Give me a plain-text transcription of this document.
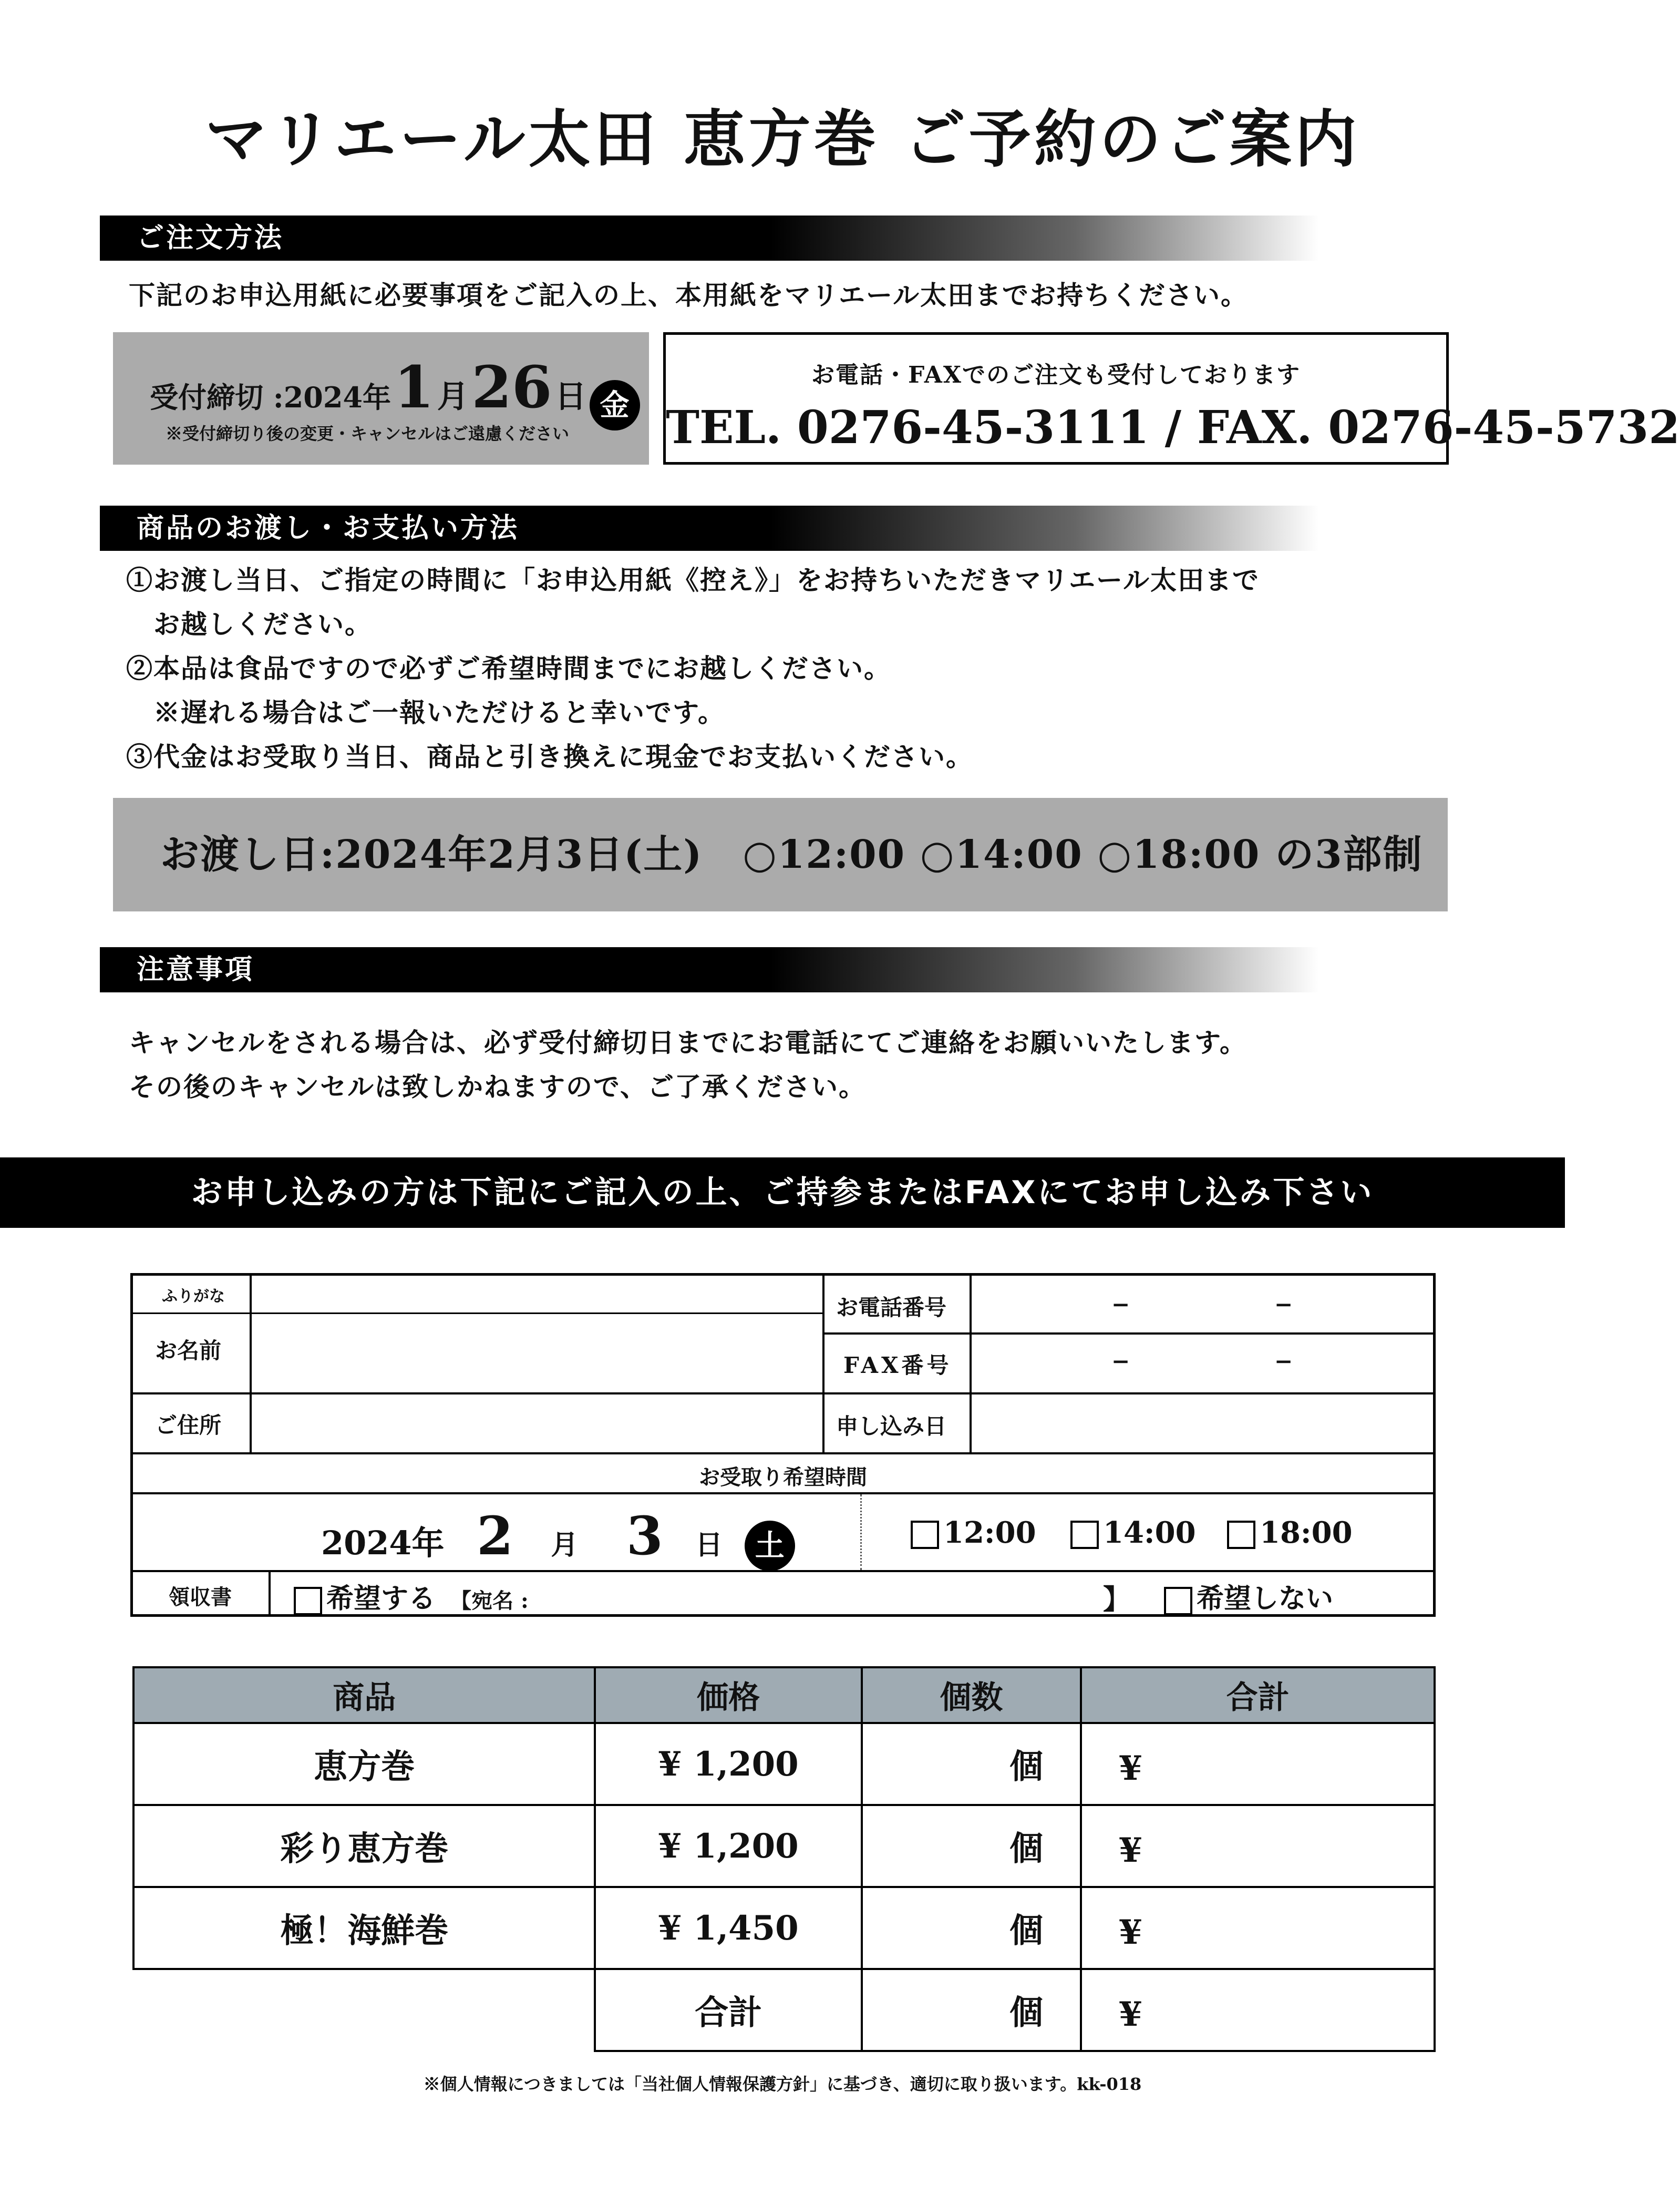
マリエール太田 恵方巻 ご予約のご案内
ご注文方法
下記のお申込用紙に必要事項をご記入の上、本用紙をマリエール太田までお持ちください。
受付締切 :2024年 1 月 26 日 金
※受付締切り後の変更・キャンセルはご遠慮ください
お電話・FAXでのご注文も受付しております
TEL. 0276-45-3111 / FAX. 0276-45-5732
商品のお渡し・お支払い方法
①お渡し当日、ご指定の時間に「お申込用紙《控え》」をお持ちいただきマリエール太田まで
　お越しください。
②本品は食品ですので必ずご希望時間までにお越しください。
　※遅れる場合はご一報いただけると幸いです。
③代金はお受取り当日、商品と引き換えに現金でお支払いください。
お渡し日:2024年2月3日(土)　○12:00 ○14:00 ○18:00 の3部制
注意事項
キャンセルをされる場合は、必ず受付締切日までにお電話にてご連絡をお願いいたします。
その後のキャンセルは致しかねますので、ご了承ください。
お申し込みの方は下記にご記入の上、ご持参またはFAXにてお申し込み下さい
ふりがな
お名前
ご住所
お電話番号	−	−
FAX番号	−	−
申し込み日
お受取り希望時間
2024年 2 月 3 日 土	12:00	14:00	18:00
領収書	希望する 【宛名 :	】	希望しない
商品	価格	個数	合計
恵方巻	¥ 1,200	個	¥
彩り恵方巻	¥ 1,200	個	¥
極！海鮮巻	¥ 1,450	個	¥
	合計	個	¥
※個人情報につきましては「当社個人情報保護方針」に基づき、適切に取り扱います。kk-018
